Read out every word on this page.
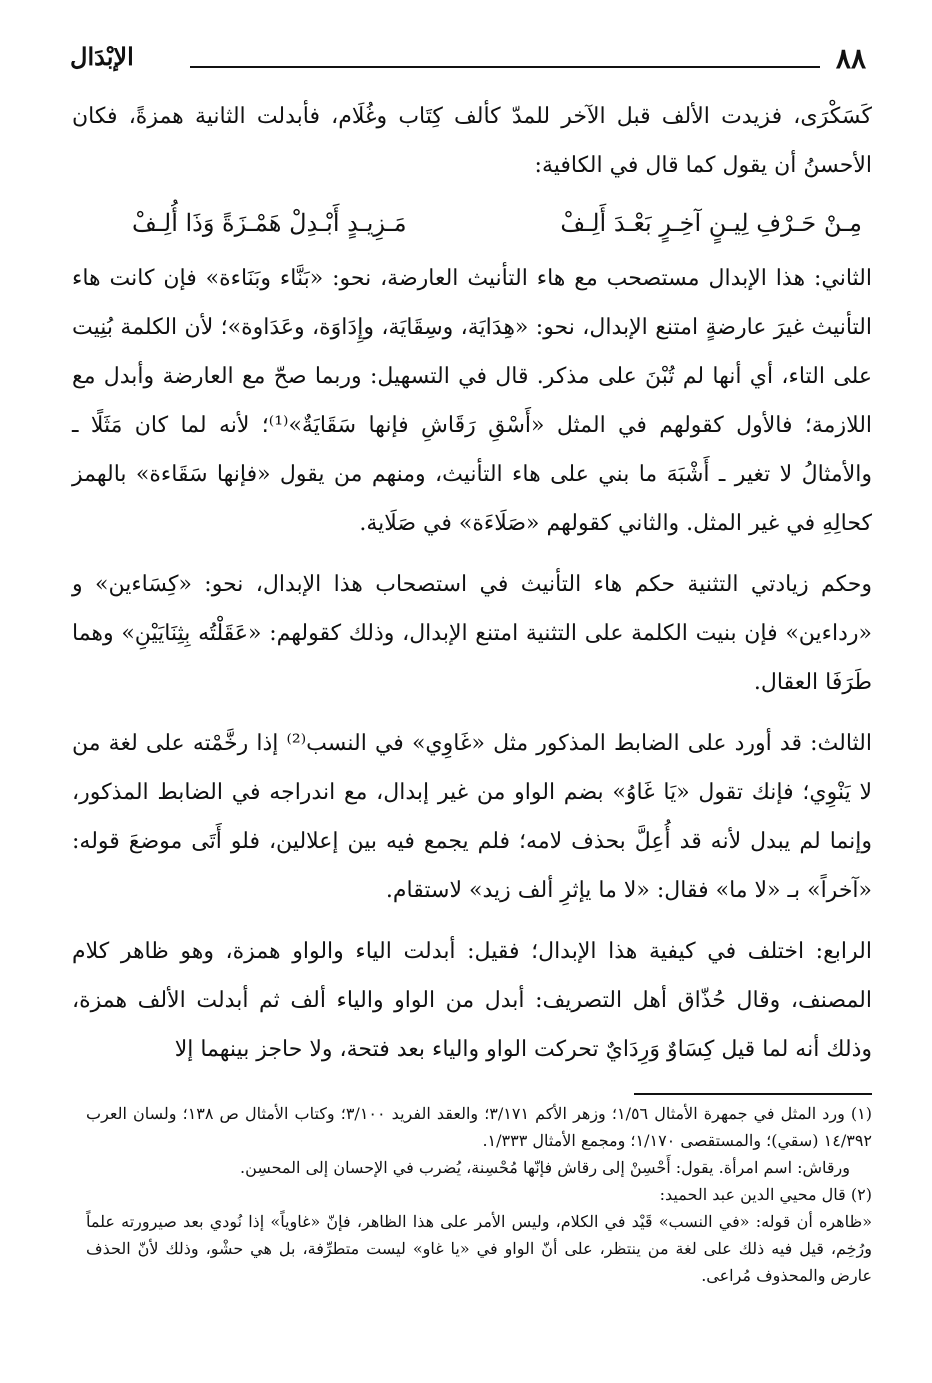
٨٨
الإبْدَال

كَسَكْرَى، فزيدت الألف قبل الآخر للمدّ كألف كِتَاب وغُلَام، فأبدلت الثانية همزةً، فكان الأحسنُ أن يقول كما قال في الكافية:

مِـنْ حَـرْفِ لِيـنٍ آخِـرٍ بَعْـدَ أَلِـفْ
مَـزِيـدٍ أَبْـدِلْ هَمْـزَةً وَذَا أُلِـفْ

الثاني: هذا الإبدال مستصحب مع هاء التأنيث العارضة، نحو: «بَنَّاء وبَنَاءة» فإن كانت هاء التأنيث غيرَ عارضةٍ امتنع الإبدال، نحو: «هِدَايَة، وسِقَايَة، وإِدَاوَة، وعَدَاوة»؛ لأن الكلمة بُنِيت على التاء، أي أنها لم تُبْنَ على مذكر. قال في التسهيل: وربما صحّ مع العارضة وأبدل مع اللازمة؛ فالأول كقولهم في المثل «أَسْقِ رَقَاشِ فإنها سَقَايَةٌ»⁽¹⁾؛ لأنه لما كان مَثَلًا ـ والأمثالُ لا تغير ـ أَشْبَهَ ما بني على هاء التأنيث، ومنهم من يقول «فإنها سَقَاءة» بالهمز كحالِهِ في غير المثل. والثاني كقولهم «صَلَاءَة» في صَلَاية.

وحكم زيادتي التثنية حكم هاء التأنيث في استصحاب هذا الإبدال، نحو: «كِسَاءين» و «رداءين» فإن بنيت الكلمة على التثنية امتنع الإبدال، وذلك كقولهم: «عَقَلْتُه بِثِنَايَيْنِ» وهما طَرَفَا العقال.

الثالث: قد أورد على الضابط المذكور مثل «غَاوِي» في النسب⁽²⁾ إذا رخَّمْته على لغة من لا يَنْوِي؛ فإنك تقول «يَا غَاوُ» بضم الواو من غير إبدال، مع اندراجه في الضابط المذكور، وإنما لم يبدل لأنه قد أُعِلَّ بحذف لامه؛ فلم يجمع فيه بين إعلالين، فلو أَتَى موضعَ قوله: «آخراً» بـ «لا ما» فقال: «لا ما يإثرِ ألف زيد» لاستقام.

الرابع: اختلف في كيفية هذا الإبدال؛ فقيل: أبدلت الياء والواو همزة، وهو ظاهر كلام المصنف، وقال حُذّاق أهل التصريف: أبدل من الواو والياء ألف ثم أبدلت الألف همزة، وذلك أنه لما قيل كِسَاوٌ وَرِدَايٌ تحركت الواو والياء بعد فتحة، ولا حاجز بينهما إلا

(١) ورد المثل في جمهرة الأمثال ١/٥٦؛ وزهر الأكم ٣/١٧١؛ والعقد الفريد ٣/١٠٠؛ وكتاب الأمثال ص ١٣٨؛ ولسان العرب ١٤/٣٩٢ (سقي)؛ والمستقصى ١/١٧٠؛ ومجمع الأمثال ١/٣٣٣.

ورقاش: اسم امرأة. يقول: أَحْسِنْ إلى رقاش فإنّها مُحْسِنة، يُضرب في الإحسان إلى المحسِن.

(٢) قال محيي الدين عبد الحميد:

«ظاهره أن قوله: «في النسب» قَيْد في الكلام، وليس الأمر على هذا الظاهر، فإنّ «غاوياً» إذا نُودي بعد صيرورته علماً ورُخِم، قيل فيه ذلك على لغة من ينتظر، على أنّ الواو في «يا غاو» ليست متطرِّفة، بل هي حشْو، وذلك لأنّ الحذف عارض والمحذوف مُراعى.
